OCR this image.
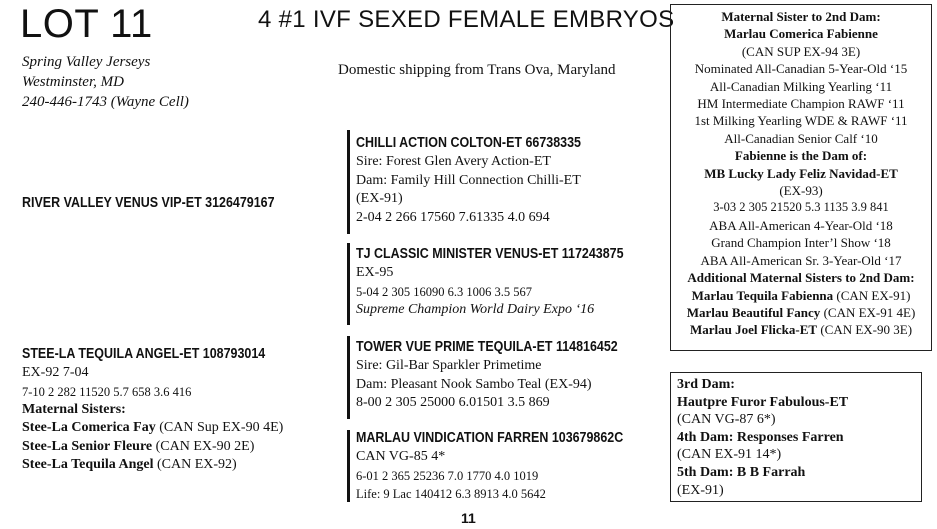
LOT 11	4 #1 IVF SEXED FEMALE EMBRYOS
Spring Valley Jerseys
Westminster, MD
240-446-1743 (Wayne Cell)
Domestic shipping from Trans Ova, Maryland
RIVER VALLEY VENUS VIP-ET 3126479167
STEE-LA TEQUILA ANGEL-ET 108793014
EX-92 7-04
7-10 2 282 11520 5.7 658 3.6 416
Maternal Sisters:
Stee-La Comerica Fay (CAN Sup EX-90 4E)
Stee-La Senior Fleure (CAN EX-90 2E)
Stee-La Tequila Angel (CAN EX-92)
CHILLI ACTION COLTON-ET 66738335
Sire: Forest Glen Avery Action-ET
Dam: Family Hill Connection Chilli-ET
(EX-91)
2-04 2 266 17560 7.61335 4.0 694
TJ CLASSIC MINISTER VENUS-ET 117243875
EX-95
5-04 2 305 16090 6.3 1006 3.5 567
Supreme Champion World Dairy Expo ‘16
TOWER VUE PRIME TEQUILA-ET 114816452
Sire: Gil-Bar Sparkler Primetime
Dam: Pleasant Nook Sambo Teal (EX-94)
8-00 2 305 25000 6.01501 3.5 869
MARLAU VINDICATION FARREN 103679862C
CAN VG-85 4*
6-01 2 365 25236 7.0 1770 4.0 1019
Life: 9 Lac 140412 6.3 8913 4.0 5642
Maternal Sister to 2nd Dam:
Marlau Comerica Fabienne
(CAN SUP EX-94 3E)
Nominated All-Canadian 5-Year-Old ‘15
All-Canadian Milking Yearling ‘11
HM Intermediate Champion RAWF ‘11
1st Milking Yearling WDE & RAWF ‘11
All-Canadian Senior Calf ‘10
Fabienne is the Dam of:
MB Lucky Lady Feliz Navidad-ET
(EX-93)
3-03 2 305 21520 5.3 1135 3.9 841
ABA All-American 4-Year-Old ‘18
Grand Champion Inter’l Show ‘18
ABA All-American Sr. 3-Year-Old ‘17
Additional Maternal Sisters to 2nd Dam:
Marlau Tequila Fabienna (CAN EX-91)
Marlau Beautiful Fancy (CAN EX-91 4E)
Marlau Joel Flicka-ET (CAN EX-90 3E)
3rd Dam:
Hautpre Furor Fabulous-ET
(CAN VG-87 6*)
4th Dam: Responses Farren
(CAN EX-91 14*)
5th Dam: B B Farrah
(EX-91)
11
